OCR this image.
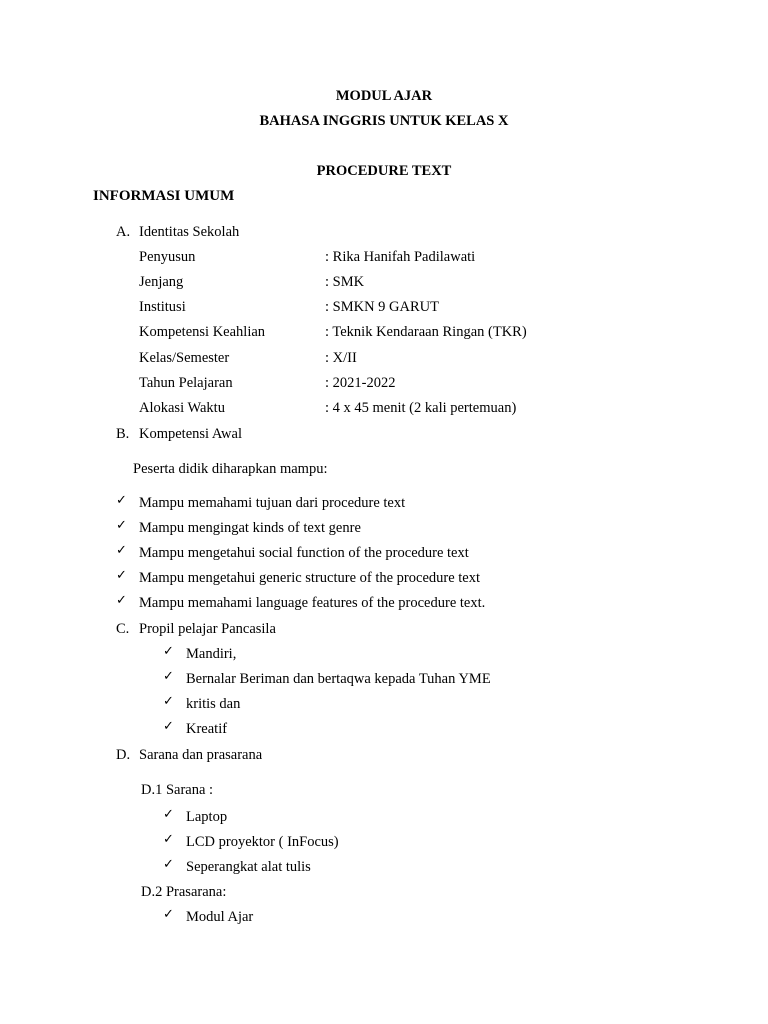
MODUL AJAR
BAHASA INGGRIS UNTUK KELAS X
PROCEDURE TEXT
INFORMASI UMUM
A. Identitas Sekolah
Penyusun	: Rika Hanifah Padilawati
Jenjang	: SMK
Institusi	: SMKN 9 GARUT
Kompetensi Keahlian	: Teknik Kendaraan Ringan (TKR)
Kelas/Semester	: X/II
Tahun Pelajaran	: 2021-2022
Alokasi Waktu	: 4 x 45 menit (2 kali pertemuan)
B. Kompetensi Awal
Peserta didik diharapkan mampu:
✓ Mampu memahami tujuan dari procedure text
✓ Mampu mengingat kinds of text genre
✓ Mampu mengetahui social function of the procedure text
✓ Mampu mengetahui generic structure of the procedure text
✓ Mampu memahami language features of the procedure text.
C. Propil pelajar Pancasila
✓ Mandiri,
✓ Bernalar Beriman dan bertaqwa kepada Tuhan YME
✓ kritis dan
✓ Kreatif
D. Sarana dan prasarana
D.1 Sarana :
✓ Laptop
✓ LCD proyektor ( InFocus)
✓ Seperangkat alat tulis
D.2 Prasarana:
✓ Modul Ajar
